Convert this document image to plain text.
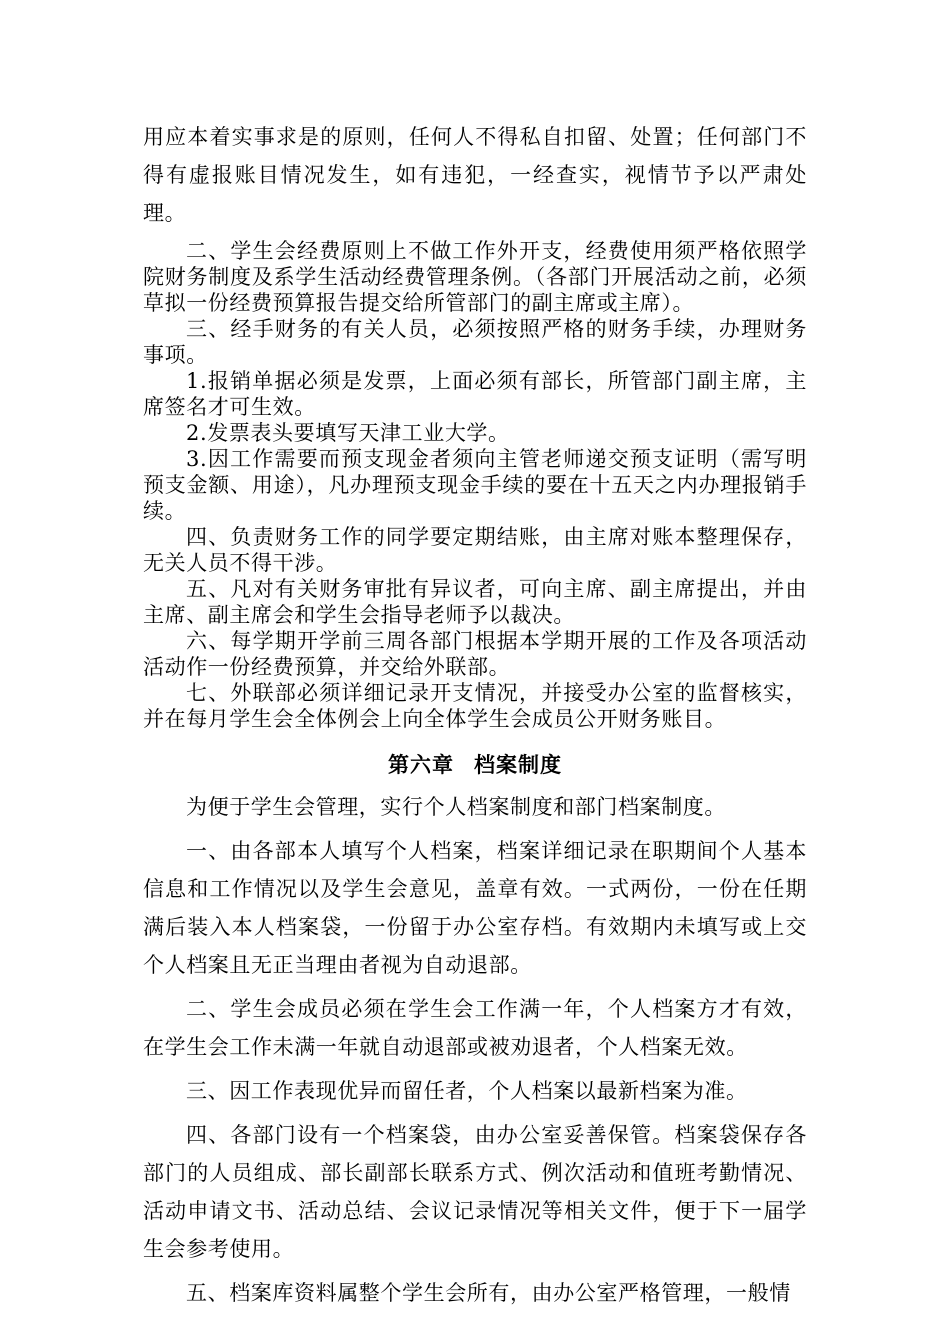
用应本着实事求是的原则，任何人不得私自扣留、处置；任何部门不得有虚报账目情况发生，如有违犯，一经查实，视情节予以严肃处理。

二、学生会经费原则上不做工作外开支，经费使用须严格依照学院财务制度及系学生活动经费管理条例。（各部门开展活动之前，必须草拟一份经费预算报告提交给所管部门的副主席或主席）。

三、经手财务的有关人员，必须按照严格的财务手续，办理财务事项。

1.报销单据必须是发票，上面必须有部长，所管部门副主席，主席签名才可生效。

2.发票表头要填写天津工业大学。

3.因工作需要而预支现金者须向主管老师递交预支证明（需写明预支金额、用途），凡办理预支现金手续的要在十五天之内办理报销手续。

四、负责财务工作的同学要定期结账，由主席对账本整理保存，无关人员不得干涉。

五、凡对有关财务审批有异议者，可向主席、副主席提出，并由主席、副主席会和学生会指导老师予以裁决。

六、每学期开学前三周各部门根据本学期开展的工作及各项活动活动作一份经费预算，并交给外联部。

七、外联部必须详细记录开支情况，并接受办公室的监督核实，并在每月学生会全体例会上向全体学生会成员公开财务账目。

第六章 档案制度

为便于学生会管理，实行个人档案制度和部门档案制度。

一、由各部本人填写个人档案，档案详细记录在职期间个人基本信息和工作情况以及学生会意见，盖章有效。一式两份，一份在任期满后装入本人档案袋，一份留于办公室存档。有效期内未填写或上交个人档案且无正当理由者视为自动退部。

二、学生会成员必须在学生会工作满一年，个人档案方才有效，在学生会工作未满一年就自动退部或被劝退者，个人档案无效。

三、因工作表现优异而留任者，个人档案以最新档案为准。

四、各部门设有一个档案袋，由办公室妥善保管。档案袋保存各部门的人员组成、部长副部长联系方式、例次活动和值班考勤情况、活动申请文书、活动总结、会议记录情况等相关文件，便于下一届学生会参考使用。

五、档案库资料属整个学生会所有，由办公室严格管理，一般情
